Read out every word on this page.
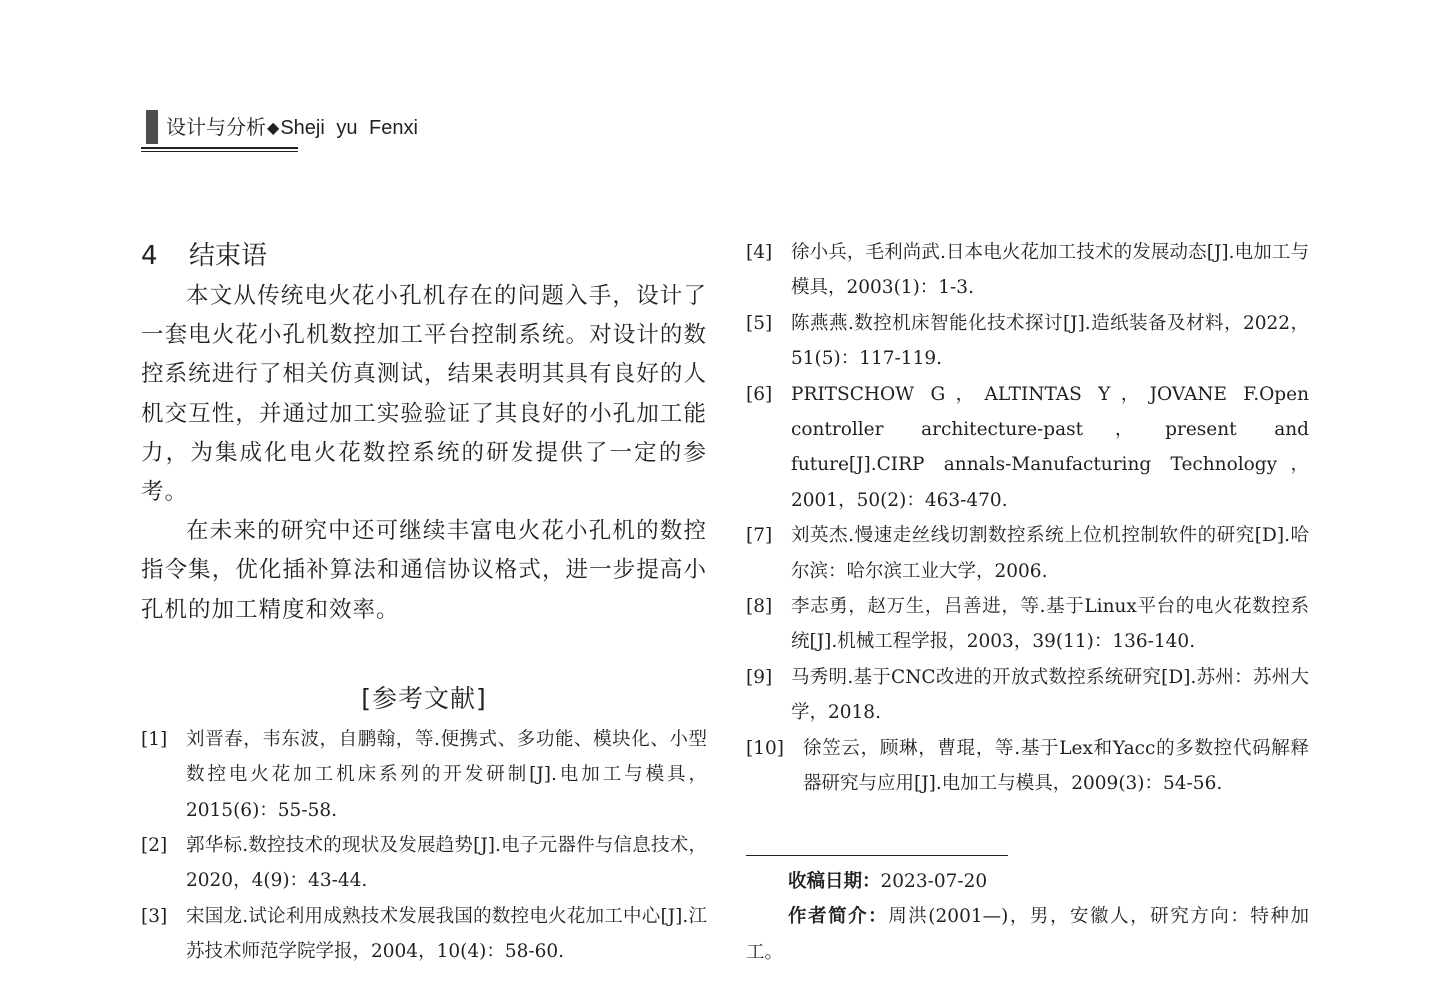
设计与分析◆Sheji yu Fenxi
4 结束语

本文从传统电火花小孔机存在的问题入手，设计了一套电火花小孔机数控加工平台控制系统。对设计的数控系统进行了相关仿真测试，结果表明其具有良好的人机交互性，并通过加工实验验证了其良好的小孔加工能力，为集成化电火花数控系统的研发提供了一定的参考。

在未来的研究中还可继续丰富电火花小孔机的数控指令集，优化插补算法和通信协议格式，进一步提高小孔机的加工精度和效率。

[参考文献]
[1] 刘晋春，韦东波，自鹏翰，等.便携式、多功能、模块化、小型数控电火花加工机床系列的开发研制[J].电加工与模具，2015(6)：55-58.
[2] 郭华标.数控技术的现状及发展趋势[J].电子元器件与信息技术，2020，4(9)：43-44.
[3] 宋国龙.试论利用成熟技术发展我国的数控电火花加工中心[J].江苏技术师范学院学报，2004，10(4)：58-60.
[4] 徐小兵，毛利尚武.日本电火花加工技术的发展动态[J].电加工与模具，2003(1)：1-3.
[5] 陈燕燕.数控机床智能化技术探讨[J].造纸装备及材料，2022，51(5)：117-119.
[6] PRITSCHOW G，ALTINTAS Y，JOVANE F.Open controller architecture-past，present and future[J].CIRP annals-Manufacturing Technology，2001，50(2)：463-470.
[7] 刘英杰.慢速走丝线切割数控系统上位机控制软件的研究[D].哈尔滨：哈尔滨工业大学，2006.
[8] 李志勇，赵万生，吕善进，等.基于Linux平台的电火花数控系统[J].机械工程学报，2003，39(11)：136-140.
[9] 马秀明.基于CNC改进的开放式数控系统研究[D].苏州：苏州大学，2018.
[10] 徐笠云，顾琳，曹琨，等.基于Lex和Yacc的多数控代码解释器研究与应用[J].电加工与模具，2009(3)：54-56.

收稿日期：2023-07-20

作者简介：周洪(2001—)，男，安徽人，研究方向：特种加工。
